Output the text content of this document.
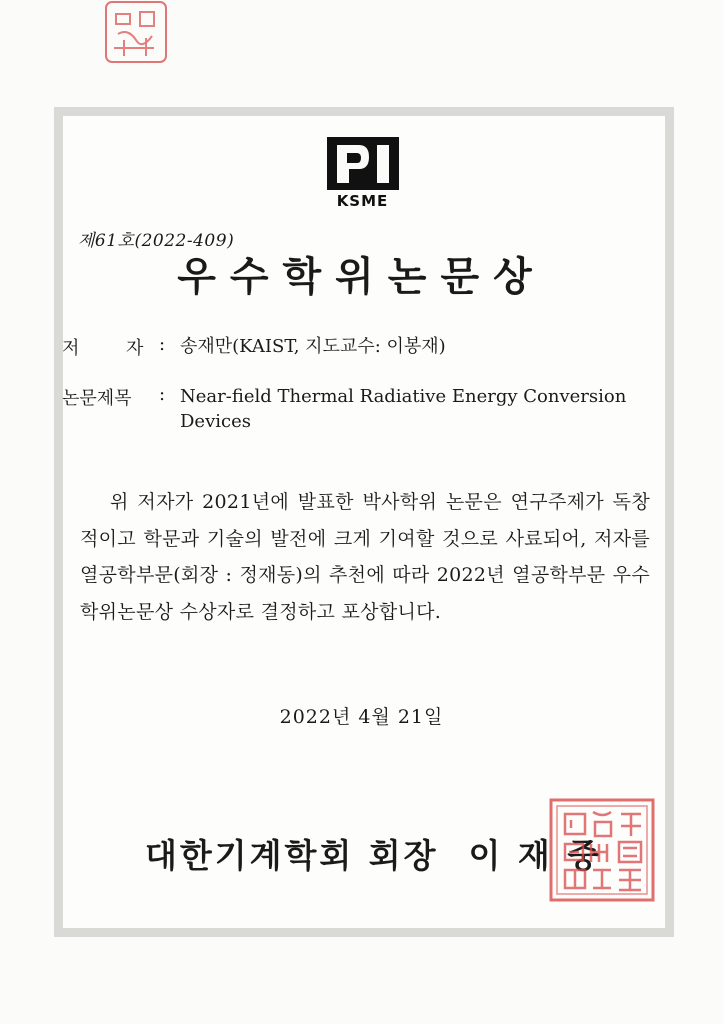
KSME
제61호(2022-409)
우수학위논문상
저	자 : 송재만(KAIST, 지도교수: 이봉재)
논문제목 : Near-field Thermal Radiative Energy Conversion Devices
위 저자가 2021년에 발표한 박사학위 논문은 연구주제가 독창적이고 학문과 기술의 발전에 크게 기여할 것으로 사료되어, 저자를 열공학부문(회장 : 정재동)의 추천에 따라 2022년 열공학부문 우수학위논문상 수상자로 결정하고 포상합니다.
2022년 4월 21일
대한기계학회 회장 이 재 중
